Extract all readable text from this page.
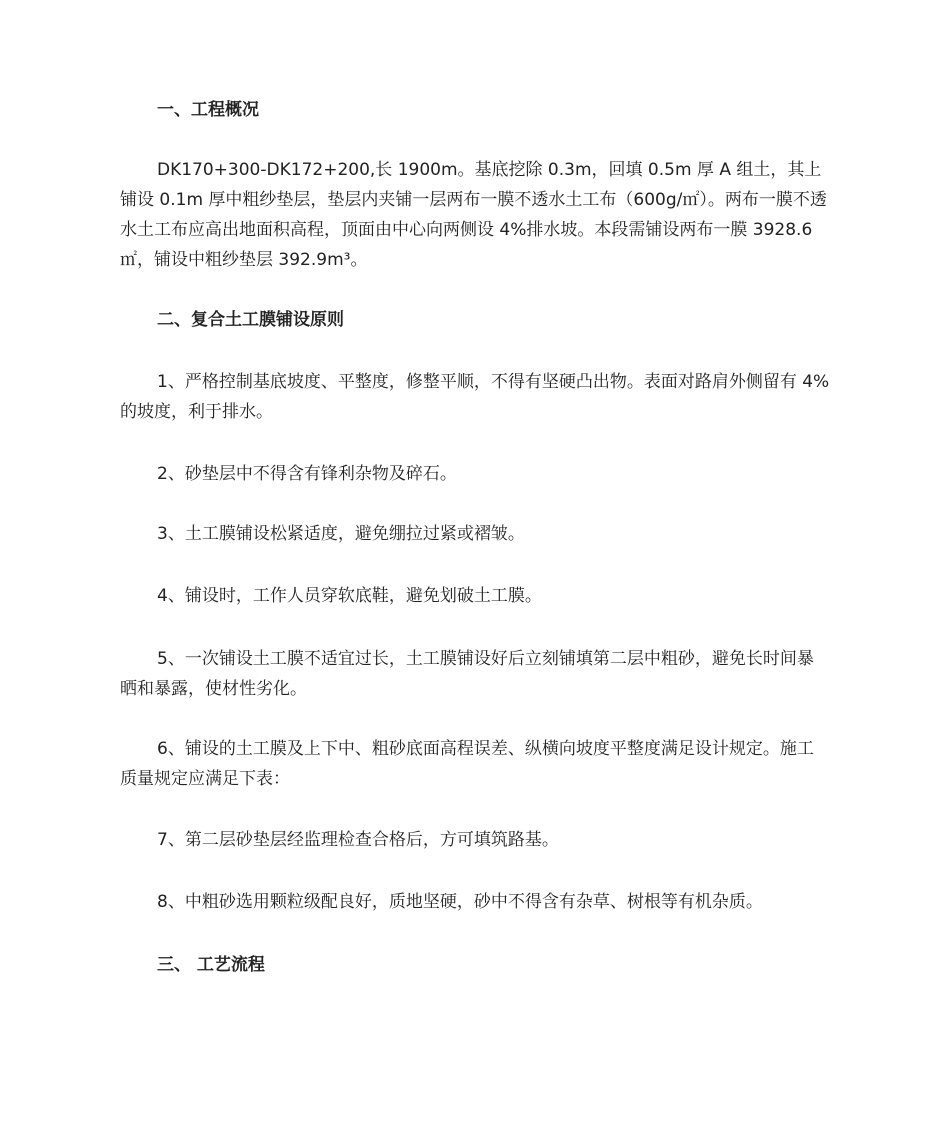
一、工程概况

DK170+300-DK172+200,长 1900m。基底挖除 0.3m，回填 0.5m 厚 A 组土，其上铺设 0.1m 厚中粗纱垫层，垫层内夹铺一层两布一膜不透水土工布（600g/㎡）。两布一膜不透水土工布应高出地面积高程，顶面由中心向两侧设 4%排水坡。本段需铺设两布一膜 3928.6㎡，铺设中粗纱垫层 392.9m³。

二、复合土工膜铺设原则

1、严格控制基底坡度、平整度，修整平顺，不得有坚硬凸出物。表面对路肩外侧留有 4%的坡度，利于排水。

2、砂垫层中不得含有锋利杂物及碎石。

3、土工膜铺设松紧适度，避免绷拉过紧或褶皱。

4、铺设时，工作人员穿软底鞋，避免划破土工膜。

5、一次铺设土工膜不适宜过长，土工膜铺设好后立刻铺填第二层中粗砂，避免长时间暴晒和暴露，使材性劣化。

6、铺设的土工膜及上下中、粗砂底面高程误差、纵横向坡度平整度满足设计规定。施工质量规定应满足下表：

7、第二层砂垫层经监理检查合格后，方可填筑路基。

8、中粗砂选用颗粒级配良好，质地坚硬，砂中不得含有杂草、树根等有机杂质。

三、 工艺流程
